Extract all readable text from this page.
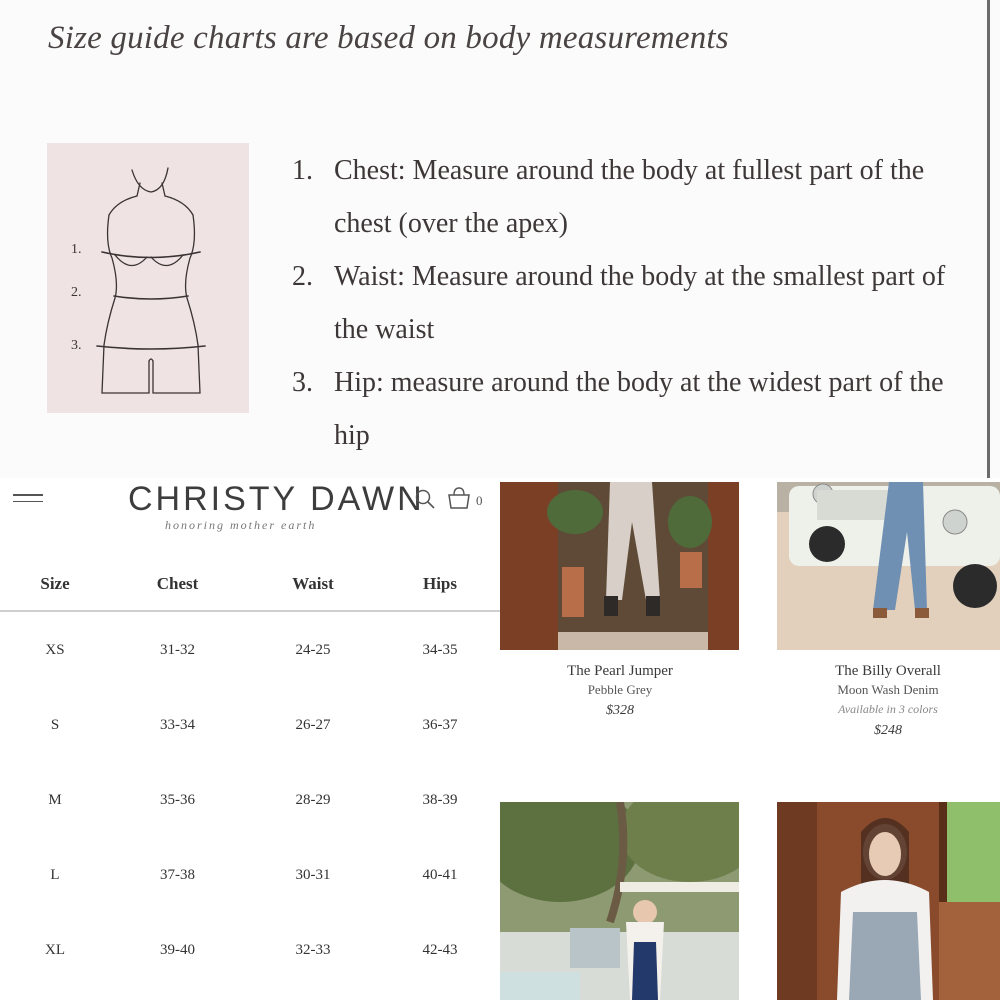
Size guide charts are based on body measurements
1.
2.
3.
1. Chest: Measure around the body at fullest part of the chest (over the apex)
2. Waist: Measure around the body at the smallest part of the waist
3. Hip: measure around the body at the widest part of the hip
CHRISTY DAWN
honoring mother earth
0
Size	Chest	Waist	Hips
XS	31-32	24-25	34-35
S	33-34	26-27	36-37
M	35-36	28-29	38-39
L	37-38	30-31	40-41
XL	39-40	32-33	42-43
The Pearl Jumper
Pebble Grey
$328
The Billy Overall
Moon Wash Denim
Available in 3 colors
$248
